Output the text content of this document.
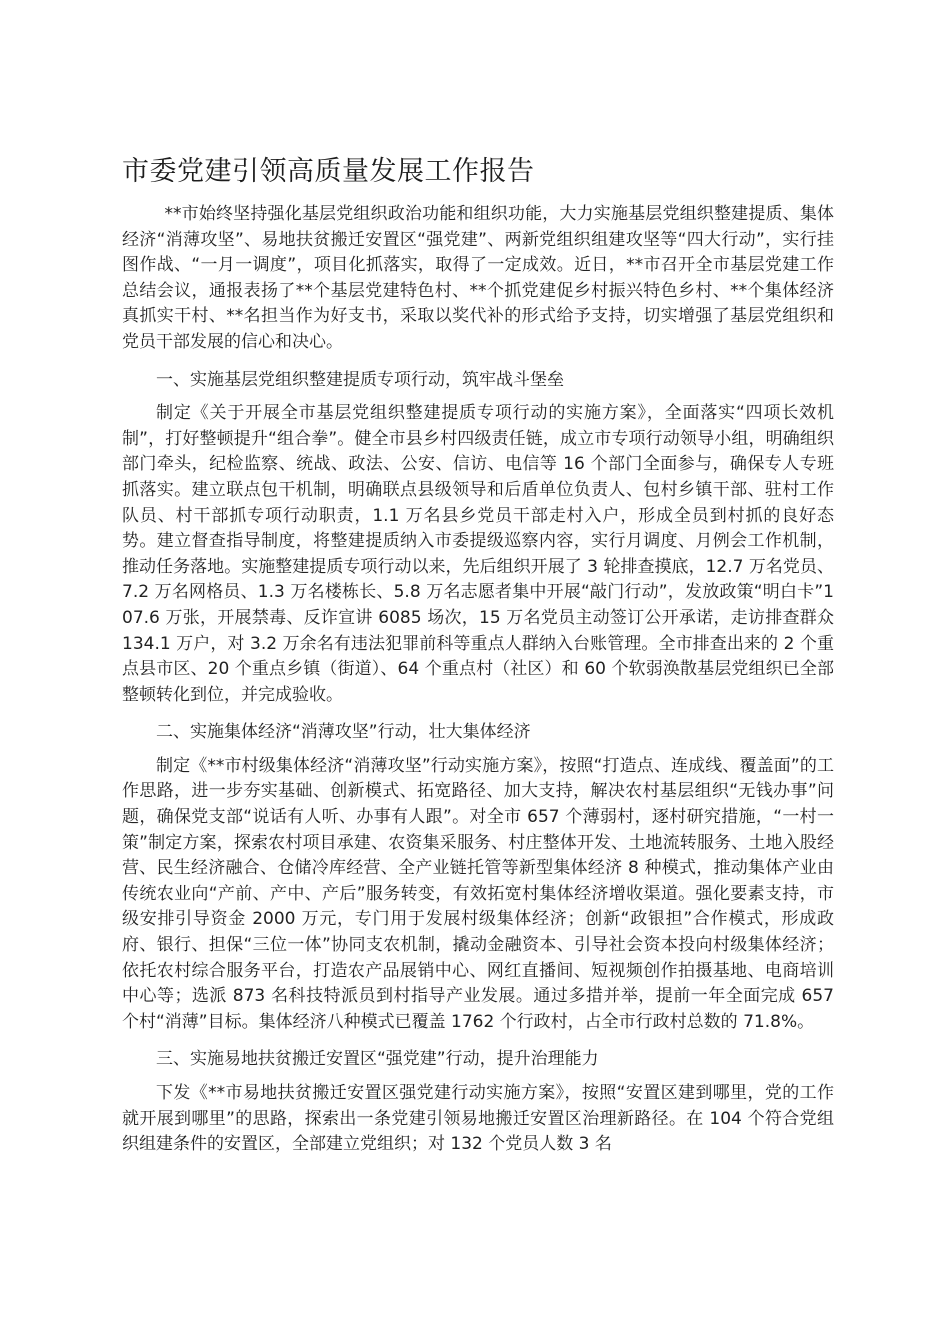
市委党建引领高质量发展工作报告

**市始终坚持强化基层党组织政治功能和组织功能，大力实施基层党组织整建提质、集体经济“消薄攻坚”、易地扶贫搬迁安置区“强党建”、两新党组织组建攻坚等“四大行动”，实行挂图作战、“一月一调度”，项目化抓落实，取得了一定成效。近日，**市召开全市基层党建工作总结会议，通报表扬了**个基层党建特色村、**个抓党建促乡村振兴特色乡村、**个集体经济真抓实干村、**名担当作为好支书，采取以奖代补的形式给予支持，切实增强了基层党组织和党员干部发展的信心和决心。

一、实施基层党组织整建提质专项行动，筑牢战斗堡垒

制定《关于开展全市基层党组织整建提质专项行动的实施方案》，全面落实“四项长效机制”，打好整顿提升“组合拳”。健全市县乡村四级责任链，成立市专项行动领导小组，明确组织部门牵头，纪检监察、统战、政法、公安、信访、电信等 16 个部门全面参与，确保专人专班抓落实。建立联点包干机制，明确联点县级领导和后盾单位负责人、包村乡镇干部、驻村工作队员、村干部抓专项行动职责，1.1 万名县乡党员干部走村入户，形成全员到村抓的良好态势。建立督查指导制度，将整建提质纳入市委提级巡察内容，实行月调度、月例会工作机制，推动任务落地。实施整建提质专项行动以来，先后组织开展了 3 轮排查摸底，12.7 万名党员、7.2 万名网格员、1.3 万名楼栋长、5.8 万名志愿者集中开展“敲门行动”，发放政策“明白卡”107.6 万张，开展禁毒、反诈宣讲 6085 场次，15 万名党员主动签订公开承诺，走访排查群众 134.1 万户，对 3.2 万余名有违法犯罪前科等重点人群纳入台账管理。全市排查出来的 2 个重点县市区、20 个重点乡镇（街道）、64 个重点村（社区）和 60 个软弱涣散基层党组织已全部整顿转化到位，并完成验收。

二、实施集体经济“消薄攻坚”行动，壮大集体经济

制定《**市村级集体经济“消薄攻坚”行动实施方案》，按照“打造点、连成线、覆盖面”的工作思路，进一步夯实基础、创新模式、拓宽路径、加大支持，解决农村基层组织“无钱办事”问题，确保党支部“说话有人听、办事有人跟”。对全市 657 个薄弱村，逐村研究措施，“一村一策”制定方案，探索农村项目承建、农资集采服务、村庄整体开发、土地流转服务、土地入股经营、民生经济融合、仓储冷库经营、全产业链托管等新型集体经济 8 种模式，推动集体产业由传统农业向“产前、产中、产后”服务转变，有效拓宽村集体经济增收渠道。强化要素支持，市级安排引导资金 2000 万元，专门用于发展村级集体经济；创新“政银担”合作模式，形成政府、银行、担保“三位一体”协同支农机制，撬动金融资本、引导社会资本投向村级集体经济；依托农村综合服务平台，打造农产品展销中心、网红直播间、短视频创作拍摄基地、电商培训中心等；选派 873 名科技特派员到村指导产业发展。通过多措并举，提前一年全面完成 657 个村“消薄”目标。集体经济八种模式已覆盖 1762 个行政村，占全市行政村总数的 71.8%。

三、实施易地扶贫搬迁安置区“强党建”行动，提升治理能力

下发《**市易地扶贫搬迁安置区强党建行动实施方案》，按照“安置区建到哪里，党的工作就开展到哪里”的思路，探索出一条党建引领易地搬迁安置区治理新路径。在 104 个符合党组织组建条件的安置区，全部建立党组织；对 132 个党员人数 3 名
